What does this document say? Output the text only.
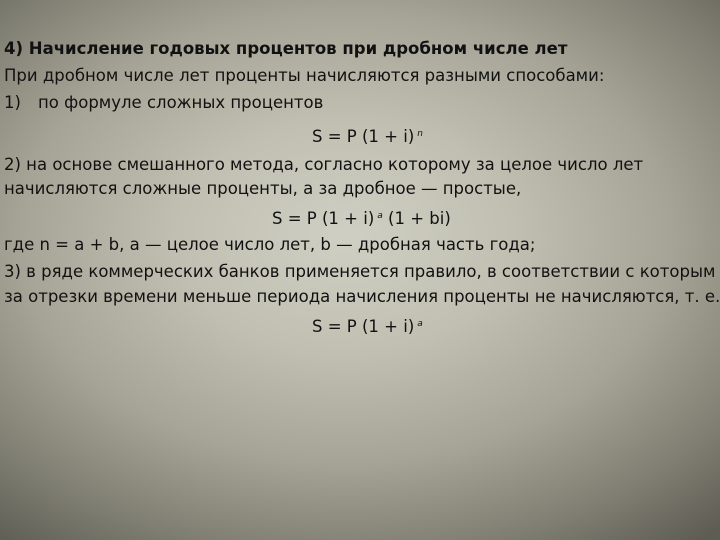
4) Начисление годовых процентов при дробном числе лет
При дробном числе лет проценты начисляются разными способами:
1) по формуле сложных процентов
S = P (1 + i) $^n$
2) на основе смешанного метода, согласно которому за целое число лет
начисляются сложные проценты, а за дробное — простые,
S = P (1 + i) $^a$ (1 + bi)
где n = a + b, a — целое число лет, b — дробная часть года;
3) в ряде коммерческих банков применяется правило, в соответствии с которым
за отрезки времени меньше периода начисления проценты не начисляются, т. е.
S = P (1 + i) $^a$
